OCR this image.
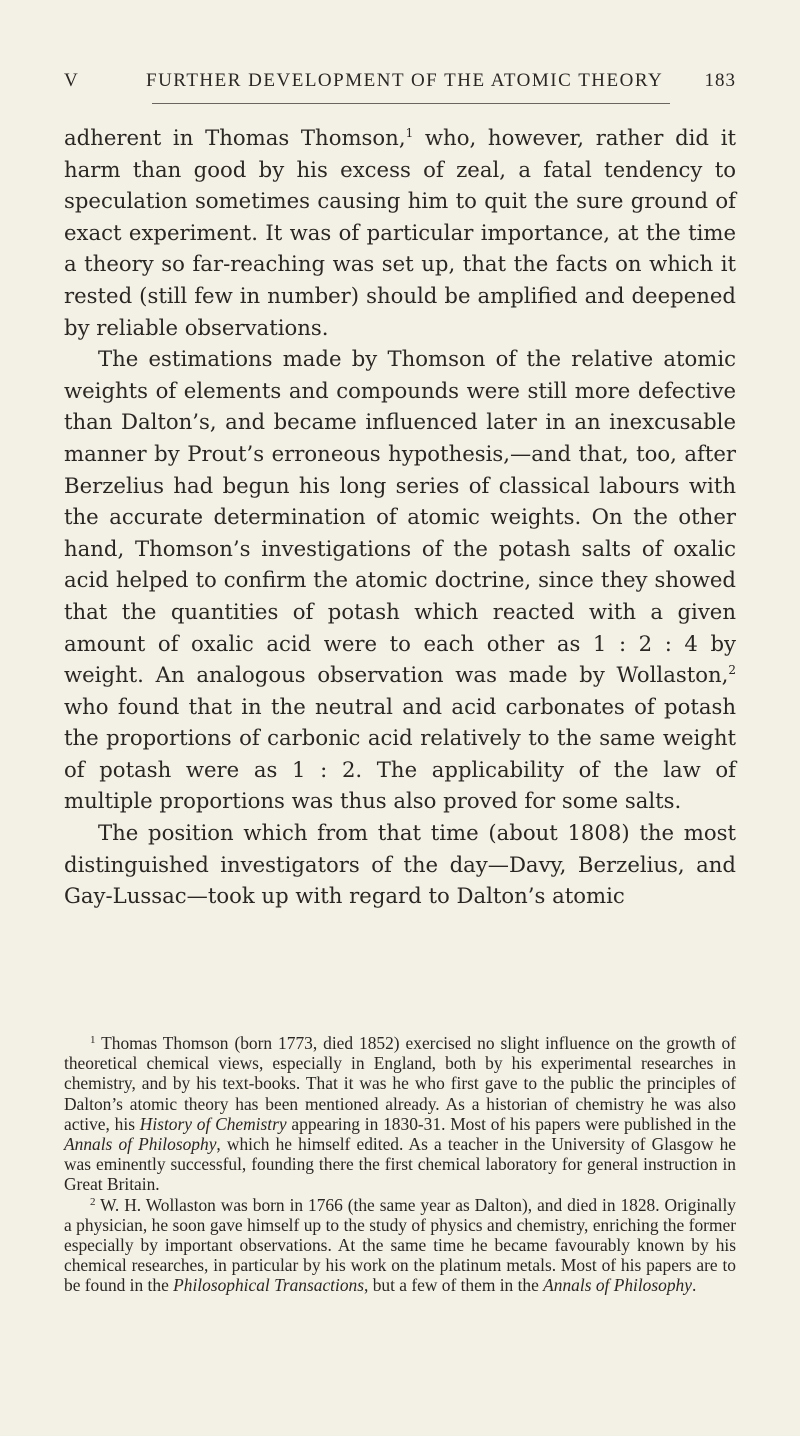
V	FURTHER DEVELOPMENT OF THE ATOMIC THEORY 183

adherent in Thomas Thomson,$^1$ who, however, rather did it harm than good by his excess of zeal, a fatal tendency to speculation sometimes causing him to quit the sure ground of exact experiment. It was of particular importance, at the time a theory so far-reaching was set up, that the facts on which it rested (still few in number) should be amplified and deepened by reliable observations.

The estimations made by Thomson of the relative atomic weights of elements and compounds were still more defective than Dalton’s, and became influenced later in an inexcusable manner by Prout’s erroneous hypothesis,—and that, too, after Berzelius had begun his long series of classical labours with the accurate determination of atomic weights. On the other hand, Thomson’s investigations of the potash salts of oxalic acid helped to confirm the atomic doctrine, since they showed that the quantities of potash which reacted with a given amount of oxalic acid were to each other as 1 : 2 : 4 by weight. An analogous observation was made by Wollaston,$^2$ who found that in the neutral and acid carbonates of potash the proportions of carbonic acid relatively to the same weight of potash were as 1 : 2. The applicability of the law of multiple proportions was thus also proved for some salts.

The position which from that time (about 1808) the most distinguished investigators of the day—Davy, Berzelius, and Gay-Lussac—took up with regard to Dalton’s atomic

$^1$ Thomas Thomson (born 1773, died 1852) exercised no slight influence on the growth of theoretical chemical views, especially in England, both by his experimental researches in chemistry, and by his text-books. That it was he who first gave to the public the principles of Dalton’s atomic theory has been mentioned already. As a historian of chemistry he was also active, his History of Chemistry appearing in 1830-31. Most of his papers were published in the Annals of Philosophy, which he himself edited. As a teacher in the University of Glasgow he was eminently successful, founding there the first chemical laboratory for general instruction in Great Britain.

$^2$ W. H. Wollaston was born in 1766 (the same year as Dalton), and died in 1828. Originally a physician, he soon gave himself up to the study of physics and chemistry, enriching the former especially by important observations. At the same time he became favourably known by his chemical researches, in particular by his work on the platinum metals. Most of his papers are to be found in the Philosophical Transactions, but a few of them in the Annals of Philosophy.
